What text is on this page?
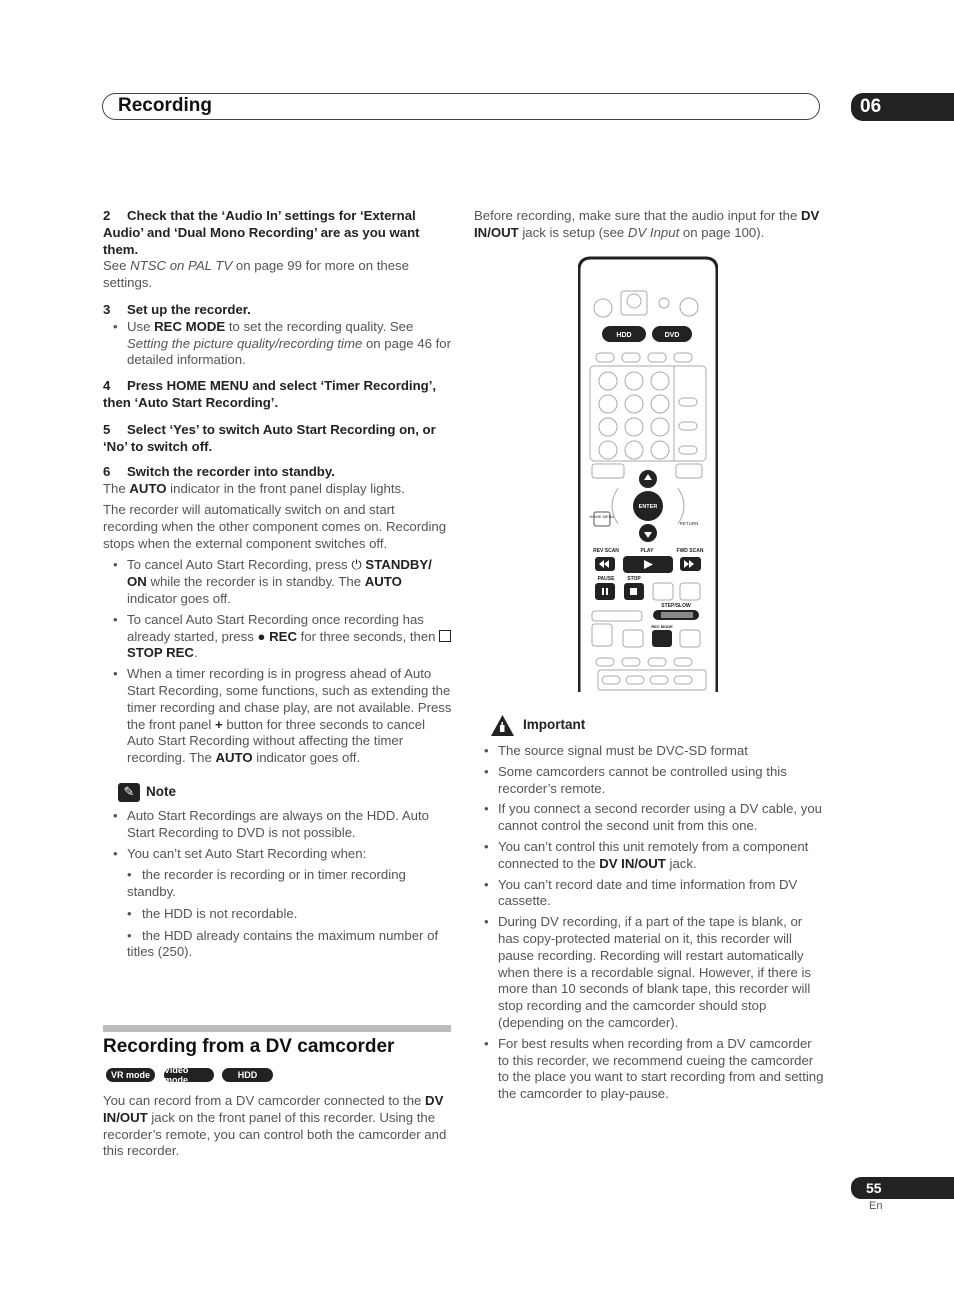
Recording	06

2 Check that the ‘Audio In’ settings for ‘External Audio’ and ‘Dual Mono Recording’ are as you want them.

See NTSC on PAL TV on page 99 for more on these settings.

3 Set up the recorder.

• Use REC MODE to set the recording quality. See Setting the picture quality/recording time on page 46 for detailed information.

4 Press HOME MENU and select ‘Timer Recording’, then ‘Auto Start Recording’.

5 Select ‘Yes’ to switch Auto Start Recording on, or ‘No’ to switch off.

6 Switch the recorder into standby.

The AUTO indicator in the front panel display lights.

The recorder will automatically switch on and start recording when the other component comes on. Recording stops when the external component switches off.

• To cancel Auto Start Recording, press ⏻ STANDBY/ ON while the recorder is in standby. The AUTO indicator goes off.

• To cancel Auto Start Recording once recording has already started, press ● REC for three seconds, then  STOP REC.

• When a timer recording is in progress ahead of Auto Start Recording, some functions, such as extending the timer recording and chase play, are not available. Press the front panel + button for three seconds to cancel Auto Start Recording without affecting the timer recording. The AUTO indicator goes off.

✎ Note

• Auto Start Recordings are always on the HDD. Auto Start Recording to DVD is not possible.

• You can’t set Auto Start Recording when:

• the recorder is recording or in timer recording standby.

• the HDD is not recordable.

• the HDD already contains the maximum number of titles (250).

Recording from a DV camcorder
VR mode	Video mode	HDD

You can record from a DV camcorder connected to the DV IN/OUT jack on the front panel of this recorder. Using the recorder’s remote, you can control both the camcorder and this recorder.

Before recording, make sure that the audio input for the DV IN/OUT jack is setup (see DV Input on page 100).

HDD	DVD
ENTER
HOME MENU
RETURN
REV SCAN	PLAY	FWD SCAN
PAUSE	STOP
STEP/SLOW
REC MODE
Important

• The source signal must be DVC-SD format

• Some camcorders cannot be controlled using this recorder’s remote.

• If you connect a second recorder using a DV cable, you cannot control the second unit from this one.

• You can’t control this unit remotely from a component connected to the DV IN/OUT jack.

• You can’t record date and time information from DV cassette.

• During DV recording, if a part of the tape is blank, or has copy-protected material on it, this recorder will pause recording. Recording will restart automatically when there is a recordable signal. However, if there is more than 10 seconds of blank tape, this recorder will stop recording and the camcorder should stop (depending on the camcorder).

• For best results when recording from a DV camcorder to this recorder, we recommend cueing the camcorder to the place you want to start recording from and setting the camcorder to play-pause.

55
En
